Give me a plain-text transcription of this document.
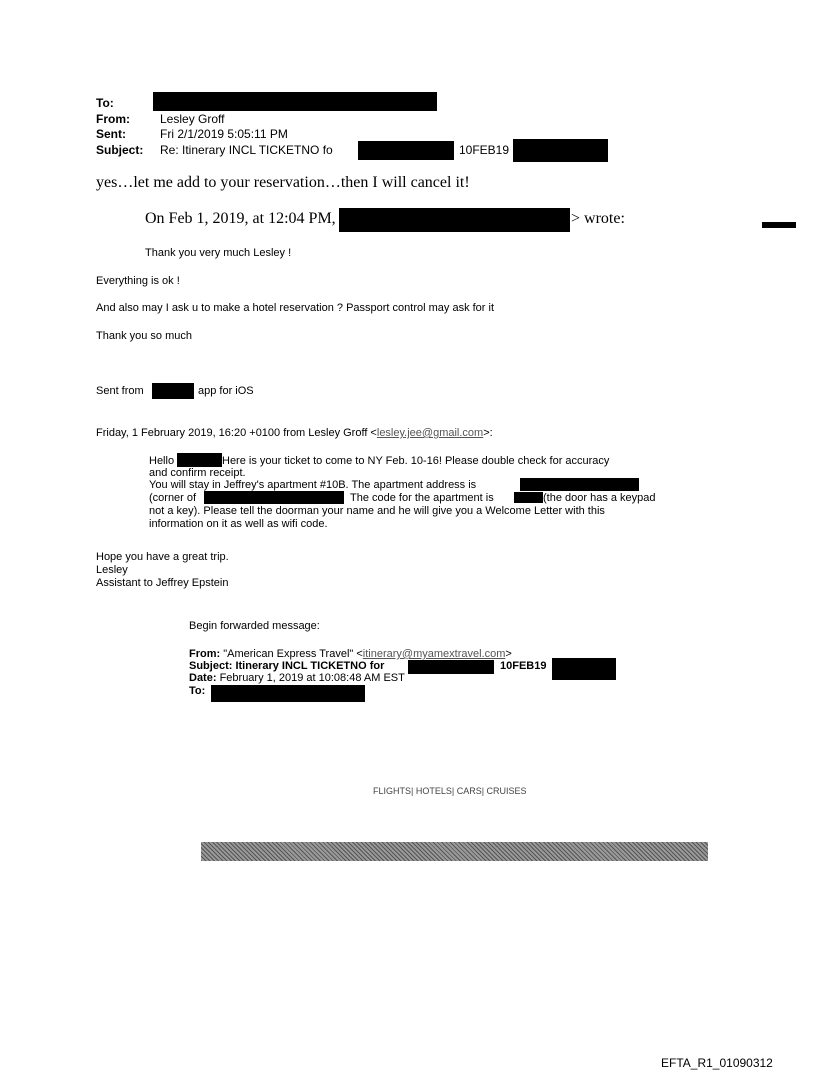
To:
From:	Lesley Groff
Sent:	Fri 2/1/2019 5:05:11 PM
Subject: Re: Itinerary INCL TICKETNO fo	10FEB19
yes…let me add to your reservation…then I will cancel it!
On Feb 1, 2019, at 12:04 PM,	> wrote:
Thank you very much Lesley !
Everything is ok !
And also may I ask u to make a hotel reservation ? Passport control may ask for it
Thank you so much
Sent from	app for iOS
Friday, 1 February 2019, 16:20 +0100 from Lesley Groff <lesley.jee@gmail.com>:
Hello	Here is your ticket to come to NY Feb. 10-16! Please double check for accuracy
and confirm receipt.
You will stay in Jeffrey's apartment #10B. The apartment address is
(corner of	The code for the apartment is	(the door has a keypad
not a key). Please tell the doorman your name and he will give you a Welcome Letter with this
information on it as well as wifi code.
Hope you have a great trip.
Lesley
Assistant to Jeffrey Epstein
Begin forwarded message:
From: "American Express Travel" <itinerary@myamextravel.com>
Subject: Itinerary INCL TICKETNO for	10FEB19
Date: February 1, 2019 at 10:08:48 AM EST
To:
FLIGHTS| HOTELS| CARS| CRUISES
EFTA_R1_01090312
